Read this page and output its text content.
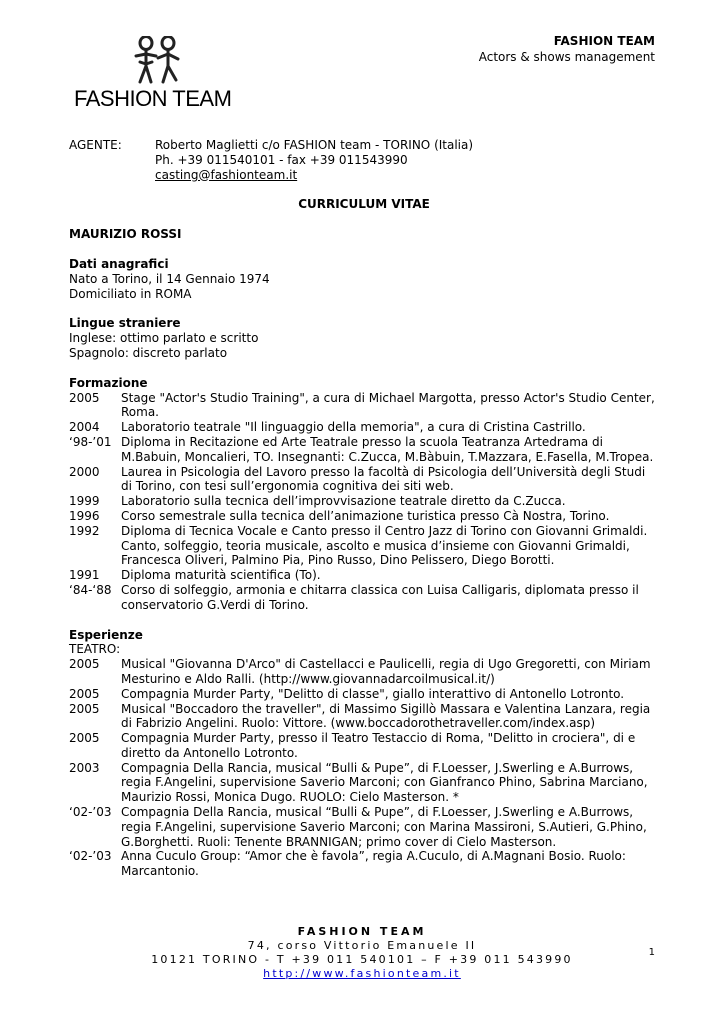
FASHION TEAM
FASHION TEAM
Actors & shows management
AGENTE:	Roberto Maglietti c/o FASHION team - TORINO (Italia)
Ph. +39 011540101 - fax +39 011543990
casting@fashionteam.it
CURRICULUM VITAE
MAURIZIO ROSSI
Dati anagrafici
Nato a Torino, il 14 Gennaio 1974
Domiciliato in ROMA
Lingue straniere
Inglese: ottimo parlato e scritto
Spagnolo: discreto parlato
Formazione
2005	Stage "Actor's Studio Training", a cura di Michael Margotta, presso Actor's Studio Center, Roma.
2004	Laboratorio teatrale "Il linguaggio della memoria", a cura di Cristina Castrillo.
‘98-’01 Diploma in Recitazione ed Arte Teatrale presso la scuola Teatranza Artedrama di M.Babuin, Moncalieri, TO. Insegnanti: C.Zucca, M.Bàbuin, T.Mazzara, E.Fasella, M.Tropea.
2000	Laurea in Psicologia del Lavoro presso la facoltà di Psicologia dell’Università degli Studi di Torino, con tesi sull’ergonomia cognitiva dei siti web.
1999	Laboratorio sulla tecnica dell’improvvisazione teatrale diretto da C.Zucca.
1996	Corso semestrale sulla tecnica dell’animazione turistica presso Cà Nostra, Torino.
1992	Diploma di Tecnica Vocale e Canto presso il Centro Jazz di Torino con Giovanni Grimaldi. Canto, solfeggio, teoria musicale, ascolto e musica d’insieme con Giovanni Grimaldi, Francesca Oliveri, Palmino Pia, Pino Russo, Dino Pelissero, Diego Borotti.
1991	Diploma maturità scientifica (To).
‘84-‘88 Corso di solfeggio, armonia e chitarra classica con Luisa Calligaris, diplomata presso il conservatorio G.Verdi di Torino.
Esperienze
TEATRO:
2005	Musical "Giovanna D'Arco" di Castellacci e Paulicelli, regia di Ugo Gregoretti, con Miriam Mesturino e Aldo Ralli. (http://www.giovannadarcoilmusical.it/)
2005	Compagnia Murder Party, "Delitto di classe", giallo interattivo di Antonello Lotronto.
2005	Musical "Boccadoro the traveller", di Massimo Sigillò Massara e Valentina Lanzara, regia di Fabrizio Angelini. Ruolo: Vittore. (www.boccadorothetraveller.com/index.asp)
2005	Compagnia Murder Party, presso il Teatro Testaccio di Roma, "Delitto in crociera", di e diretto da Antonello Lotronto.
2003	Compagnia Della Rancia, musical “Bulli & Pupe”, di F.Loesser, J.Swerling e A.Burrows, regia F.Angelini, supervisione Saverio Marconi; con Gianfranco Phino, Sabrina Marciano, Maurizio Rossi, Monica Dugo. RUOLO: Cielo Masterson. *
‘02-’03 Compagnia Della Rancia, musical “Bulli & Pupe”, di F.Loesser, J.Swerling e A.Burrows, regia F.Angelini, supervisione Saverio Marconi; con Marina Massironi, S.Autieri, G.Phino, G.Borghetti. Ruoli: Tenente BRANNIGAN; primo cover di Cielo Masterson.
‘02-’03 Anna Cuculo Group: “Amor che è favola”, regia A.Cuculo, di A.Magnani Bosio. Ruolo: Marcantonio.
FASHION TEAM
74, corso Vittorio Emanuele II
10121 TORINO - T +39 011 540101 – F +39 011 543990
http://www.fashionteam.it
1
